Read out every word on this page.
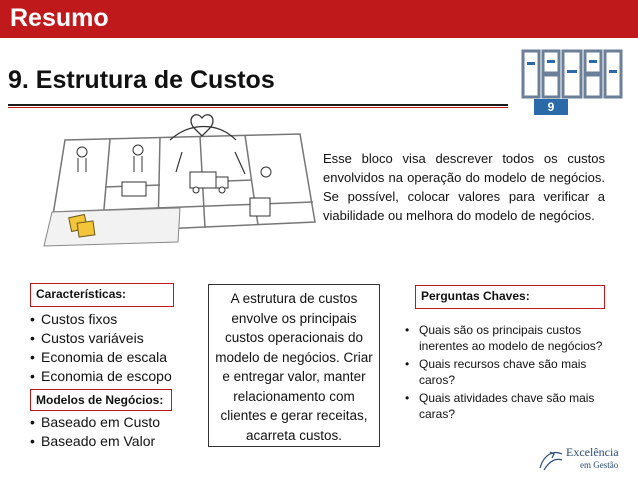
Resumo
9. Estrutura de Custos
9
Esse bloco visa descrever todos os custos envolvidos na operação do modelo de negócios. Se possível, colocar valores para verificar a viabilidade ou melhora do modelo de negócios.
Características:
• Custos fixos
• Custos variáveis
• Economia de escala
• Economia de escopo
Modelos de Negócios:
• Baseado em Custo
• Baseado em Valor
A estrutura de custos envolve os principais custos operacionais do modelo de negócios. Criar e entregar valor, manter relacionamento com clientes e gerar receitas, acarreta custos.
Perguntas Chaves:
• Quais são os principais custos inerentes ao modelo de negócios?
• Quais recursos chave são mais caros?
• Quais atividades chave são mais caras?
Excelência
em Gestão
